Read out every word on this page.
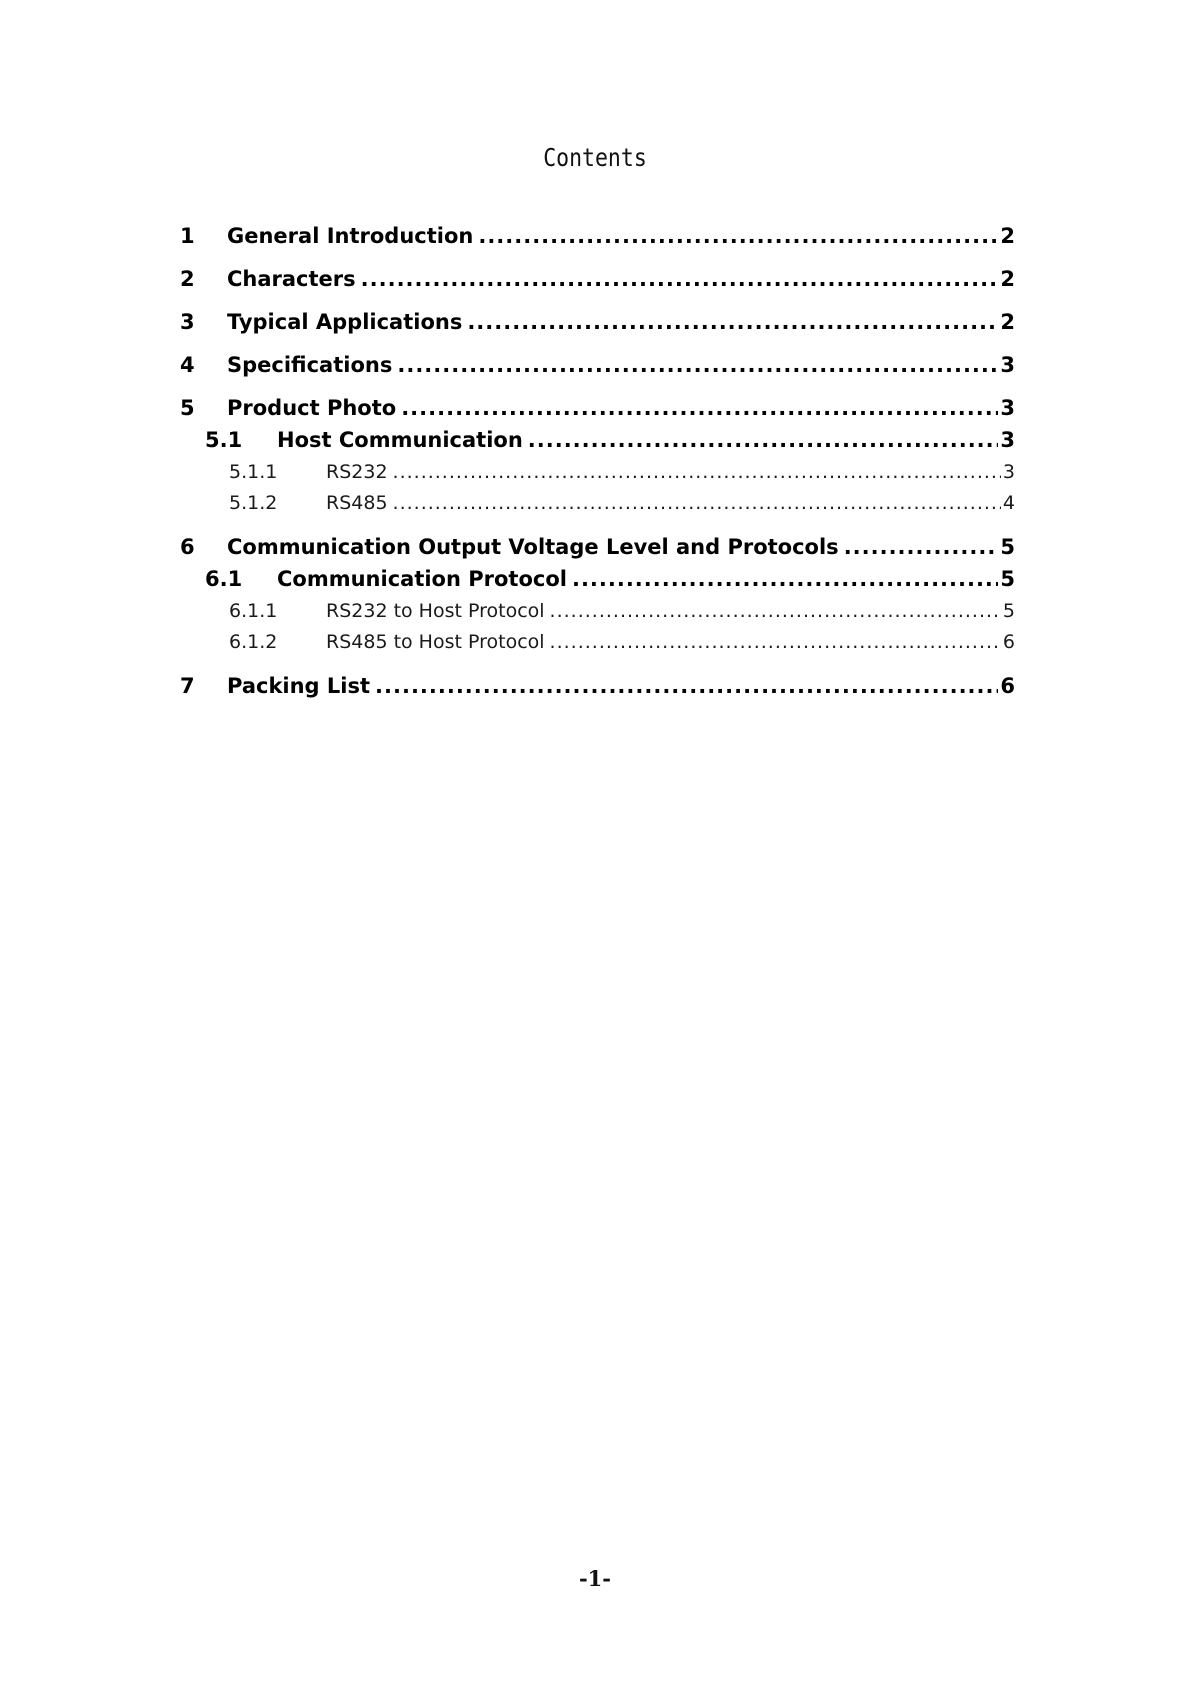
Contents
1	General Introduction .....	2
2	Characters .....	2
3	Typical Applications .....	2
4	Specifications .....	3
5	Product Photo .....	3
5.1	Host Communication .....	3
5.1.1	RS232 .....	3
5.1.2	RS485 .....	4
6	Communication Output Voltage Level and Protocols .....	5
6.1	Communication Protocol .....	5
6.1.1	RS232 to Host Protocol .....	5
6.1.2	RS485 to Host Protocol .....	6
7	Packing List .....	6
-1-
